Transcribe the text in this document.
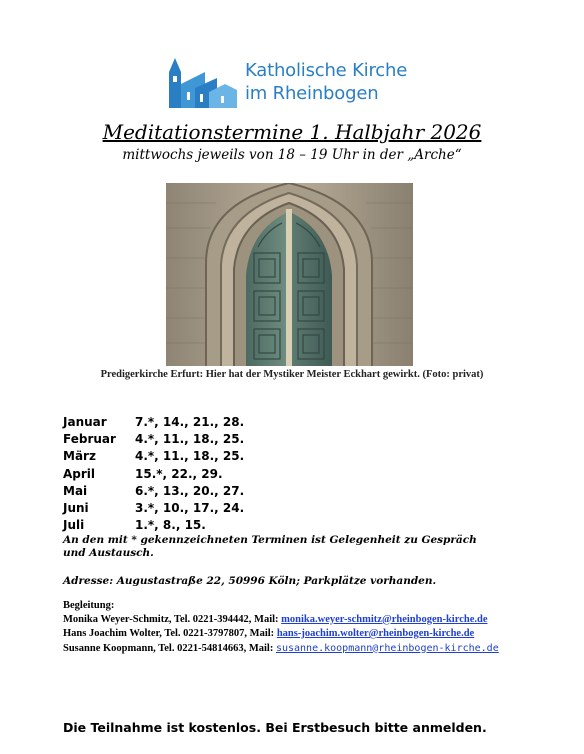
Katholische Kirche
im Rheinbogen
Meditationstermine 1. Halbjahr 2026
mittwochs jeweils von 18 – 19 Uhr in der „Arche“
Predigerkirche Erfurt: Hier hat der Mystiker Meister Eckhart gewirkt. (Foto: privat)
Januar 7.*, 14., 21., 28.
Februar 4.*, 11., 18., 25.
März	4.*, 11., 18., 25.
April	15.*, 22., 29.
Mai	6.*, 13., 20., 27.
Juni	3.*, 10., 17., 24.
Juli	1.*, 8., 15.
An den mit * gekennzeichneten Terminen ist Gelegenheit zu Gespräch und Austausch.
Adresse: Augustastraße 22, 50996 Köln; Parkplätze vorhanden.
Begleitung:
Monika Weyer-Schmitz, Tel. 0221-394442, Mail: monika.weyer-schmitz@rheinbogen-kirche.de
Hans Joachim Wolter, Tel. 0221-3797807, Mail: hans-joachim.wolter@rheinbogen-kirche.de
Susanne Koopmann, Tel. 0221-54814663, Mail: susanne.koopmann@rheinbogen-kirche.de
Die Teilnahme ist kostenlos. Bei Erstbesuch bitte anmelden.
